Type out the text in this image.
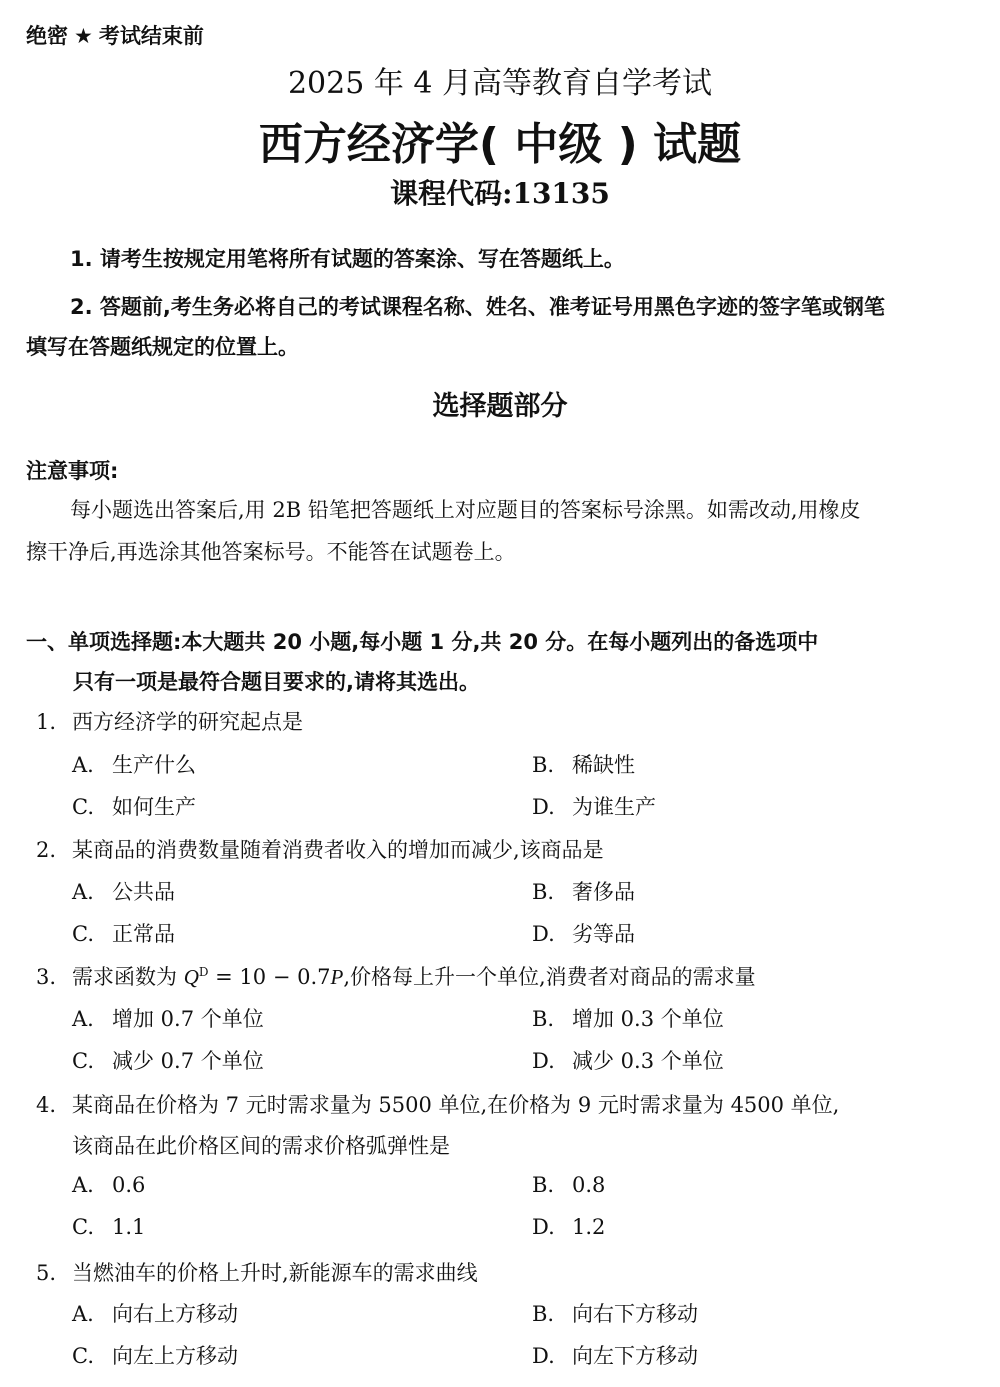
绝密 ★ 考试结束前
2025 年 4 月高等教育自学考试
西方经济学( 中级 ) 试题
课程代码:13135
1. 请考生按规定用笔将所有试题的答案涂、写在答题纸上。
2. 答题前,考生务必将自己的考试课程名称、姓名、准考证号用黑色字迹的签字笔或钢笔
填写在答题纸规定的位置上。
选择题部分
注意事项:
每小题选出答案后,用 2B 铅笔把答题纸上对应题目的答案标号涂黑。如需改动,用橡皮
擦干净后,再选涂其他答案标号。不能答在试题卷上。
一、单项选择题:本大题共 20 小题,每小题 1 分,共 20 分。在每小题列出的备选项中
只有一项是最符合题目要求的,请将其选出。
1. 西方经济学的研究起点是
A. 生产什么	B. 稀缺性
C. 如何生产	D. 为谁生产
2. 某商品的消费数量随着消费者收入的增加而减少,该商品是
A. 公共品	B. 奢侈品
C. 正常品	D. 劣等品
3. 需求函数为 $Q^D = 10 - 0.7P$,价格每上升一个单位,消费者对商品的需求量
A. 增加 0.7 个单位	B. 增加 0.3 个单位
C. 减少 0.7 个单位	D. 减少 0.3 个单位
4. 某商品在价格为 7 元时需求量为 5500 单位,在价格为 9 元时需求量为 4500 单位,
该商品在此价格区间的需求价格弧弹性是
A. 0.6	B. 0.8
C. 1.1	D. 1.2
5. 当燃油车的价格上升时,新能源车的需求曲线
A. 向右上方移动	B. 向右下方移动
C. 向左上方移动	D. 向左下方移动
